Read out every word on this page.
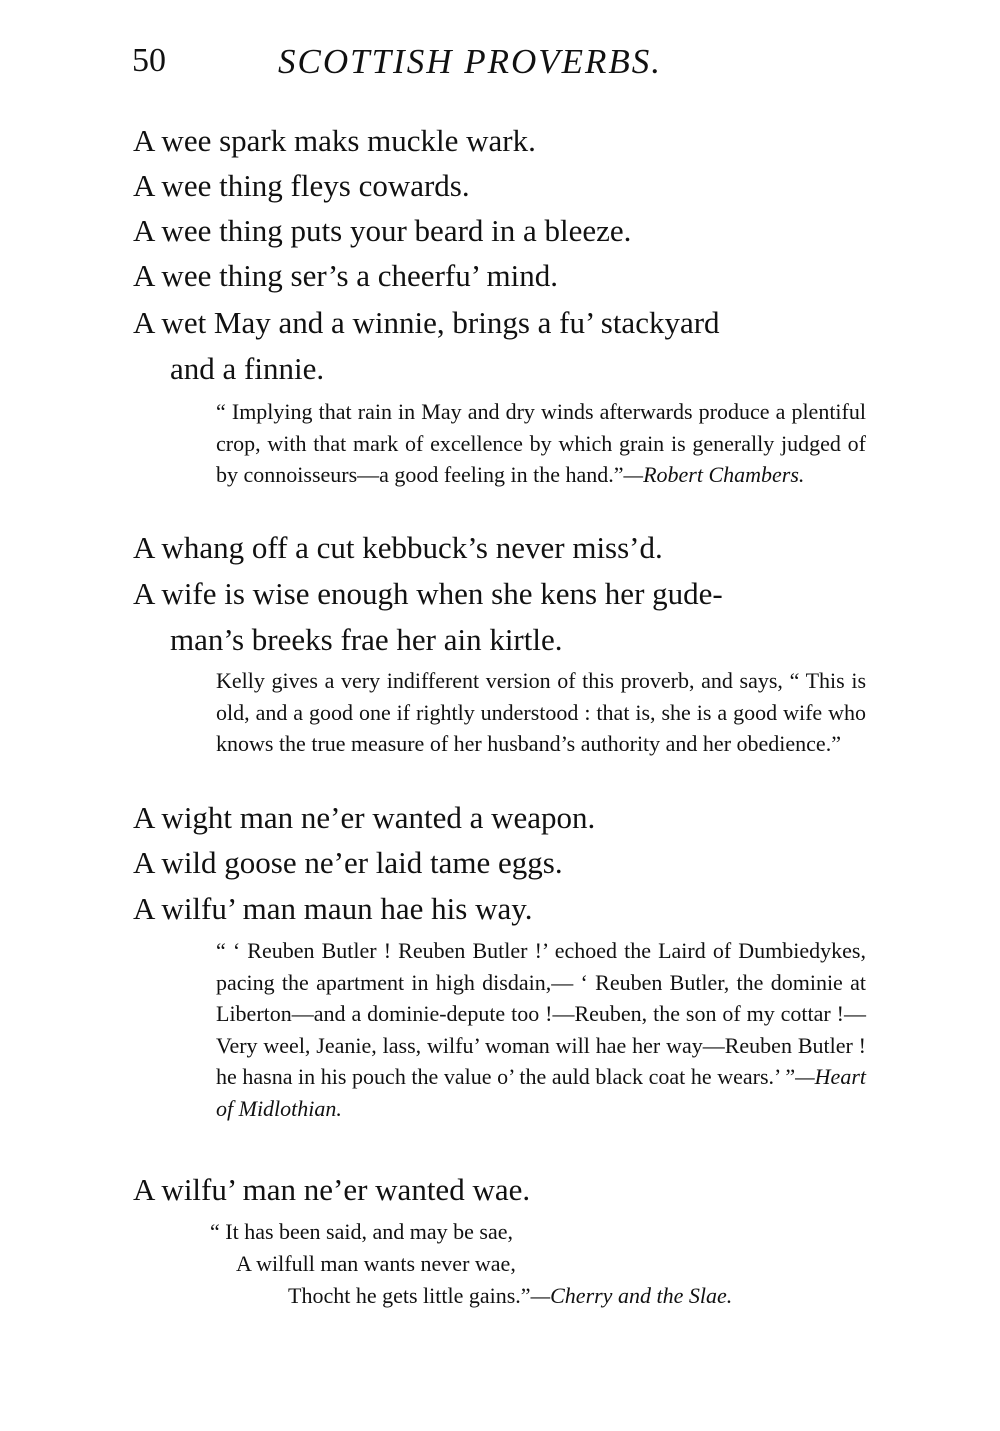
50	SCOTTISH PROVERBS.
A wee spark maks muckle wark.
A wee thing fleys cowards.
A wee thing puts your beard in a bleeze.
A wee thing ser’s a cheerfu’ mind.
A wet May and a winnie, brings a fu’ stackyard
and a finnie.

“ Implying that rain in May and dry winds afterwards produce a plentiful crop, with that mark of excellence by which grain is generally judged of by connoisseurs—a good feeling in the hand.”—Robert Chambers.

A whang off a cut kebbuck’s never miss’d.
A wife is wise enough when she kens her gude-
man’s breeks frae her ain kirtle.

Kelly gives a very indifferent version of this proverb, and says, “ This is old, and a good one if rightly understood : that is, she is a good wife who knows the true measure of her husband’s authority and her obedience.”

A wight man ne’er wanted a weapon.
A wild goose ne’er laid tame eggs.
A wilfu’ man maun hae his way.

“ ‘ Reuben Butler ! Reuben Butler !’ echoed the Laird of Dumbiedykes, pacing the apartment in high disdain,— ‘ Reuben Butler, the dominie at Liberton—and a dominie-depute too !—Reuben, the son of my cottar !—Very weel, Jeanie, lass, wilfu’ woman will hae her way—Reuben Butler ! he hasna in his pouch the value o’ the auld black coat he wears.’ ”—Heart of Midlothian.

A wilfu’ man ne’er wanted wae.
“ It has been said, and may be sae,
A wilfull man wants never wae,
Thocht he gets little gains.”—Cherry and the Slae.
